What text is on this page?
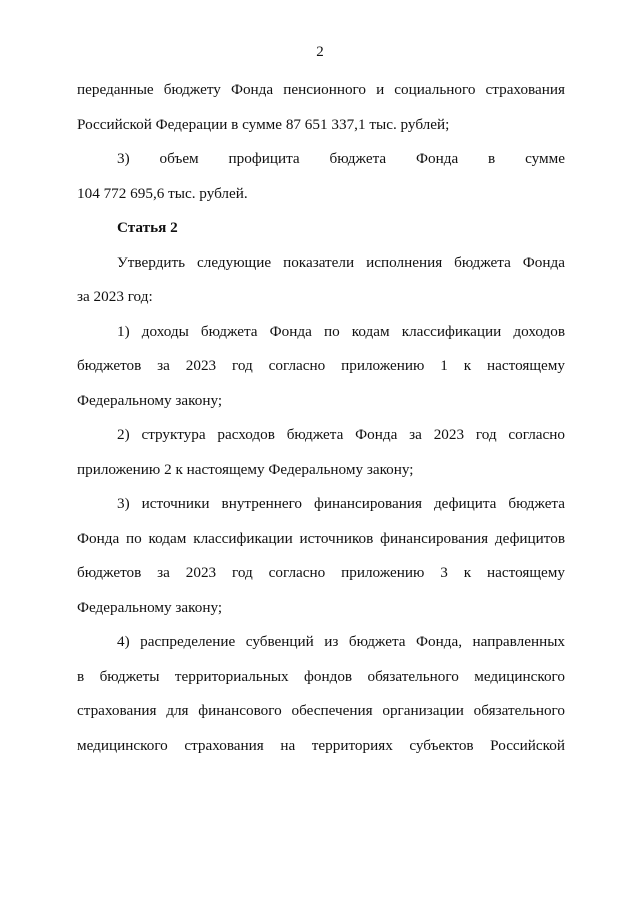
2
переданные бюджету Фонда пенсионного и социального страхования
Российской Федерации в сумме 87 651 337,1 тыс. рублей;
3) объем профицита бюджета Фонда в сумме
104 772 695,6 тыс. рублей.
Статья 2
Утвердить следующие показатели исполнения бюджета Фонда
за 2023 год:
1) доходы бюджета Фонда по кодам классификации доходов
бюджетов за 2023 год согласно приложению 1 к настоящему
Федеральному закону;
2) структура расходов бюджета Фонда за 2023 год согласно
приложению 2 к настоящему Федеральному закону;
3) источники внутреннего финансирования дефицита бюджета
Фонда по кодам классификации источников финансирования дефицитов
бюджетов за 2023 год согласно приложению 3 к настоящему
Федеральному закону;
4) распределение субвенций из бюджета Фонда, направленных
в бюджеты территориальных фондов обязательного медицинского
страхования для финансового обеспечения организации обязательного
медицинского страхования на территориях субъектов Российской
